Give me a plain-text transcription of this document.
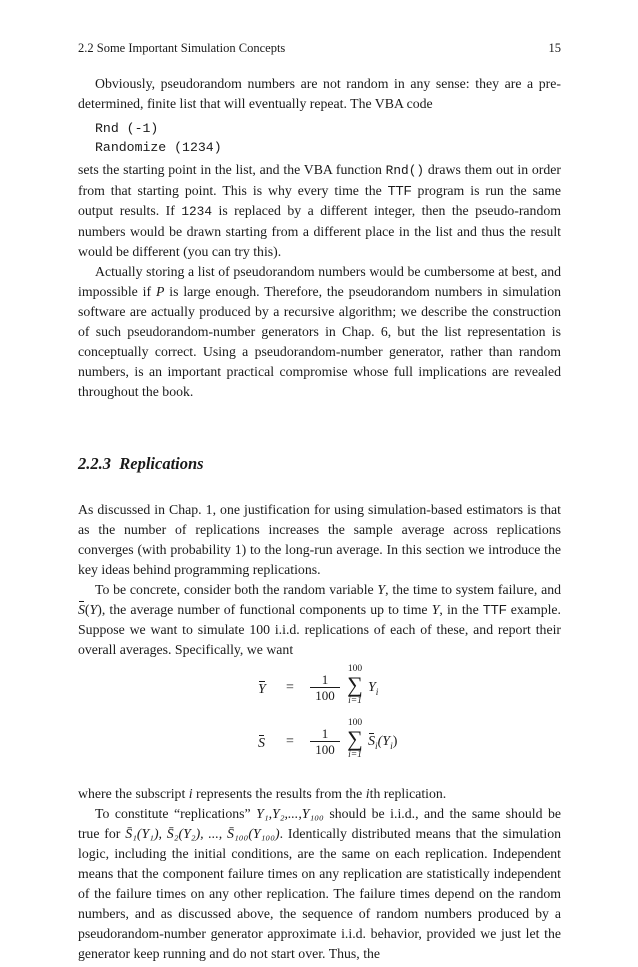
2.2 Some Important Simulation Concepts	15

Obviously, pseudorandom numbers are not random in any sense: they are a pre-determined, finite list that will eventually repeat. The VBA code

Rnd (-1)
Randomize (1234)

sets the starting point in the list, and the VBA function Rnd() draws them out in order from that starting point. This is why every time the TTF program is run the same output results. If 1234 is replaced by a different integer, then the pseudo-random numbers would be drawn starting from a different place in the list and thus the result would be different (you can try this).

Actually storing a list of pseudorandom numbers would be cumbersome at best, and impossible if P is large enough. Therefore, the pseudorandom numbers in simulation software are actually produced by a recursive algorithm; we describe the construction of such pseudorandom-number generators in Chap. 6, but the list representation is conceptually correct. Using a pseudorandom-number generator, rather than random numbers, is an important practical compromise whose full implications are revealed throughout the book.

2.2.3 Replications

As discussed in Chap. 1, one justification for using simulation-based estimators is that as the number of replications increases the sample average across replications converges (with probability 1) to the long-run average. In this section we introduce the key ideas behind programming replications.

To be concrete, consider both the random variable Y, the time to system failure, and S(Y), the average number of functional components up to time Y, in the TTF example. Suppose we want to simulate 100 i.i.d. replications of each of these, and report their overall averages. Specifically, we want

$Y = \frac{1}{100}$
100
∑
i=1
$Y_i$
$S = \frac{1}{100}$
100
∑
i=1
$S_i(Y_i)$

where the subscript i represents the results from the ith replication.

To constitute “replications” Y₁,Y₂,...,Y₁₀₀ should be i.i.d., and the same should be true for S̄₁(Y₁), S̄₂(Y₂), ..., S̄₁₀₀(Y₁₀₀). Identically distributed means that the simulation logic, including the initial conditions, are the same on each replication. Independent means that the component failure times on any replication are statistically independent of the failure times on any other replication. The failure times depend on the random numbers, and as discussed above, the sequence of random numbers produced by a pseudorandom-number generator approximate i.i.d. behavior, provided we just let the generator keep running and do not start over. Thus, the
